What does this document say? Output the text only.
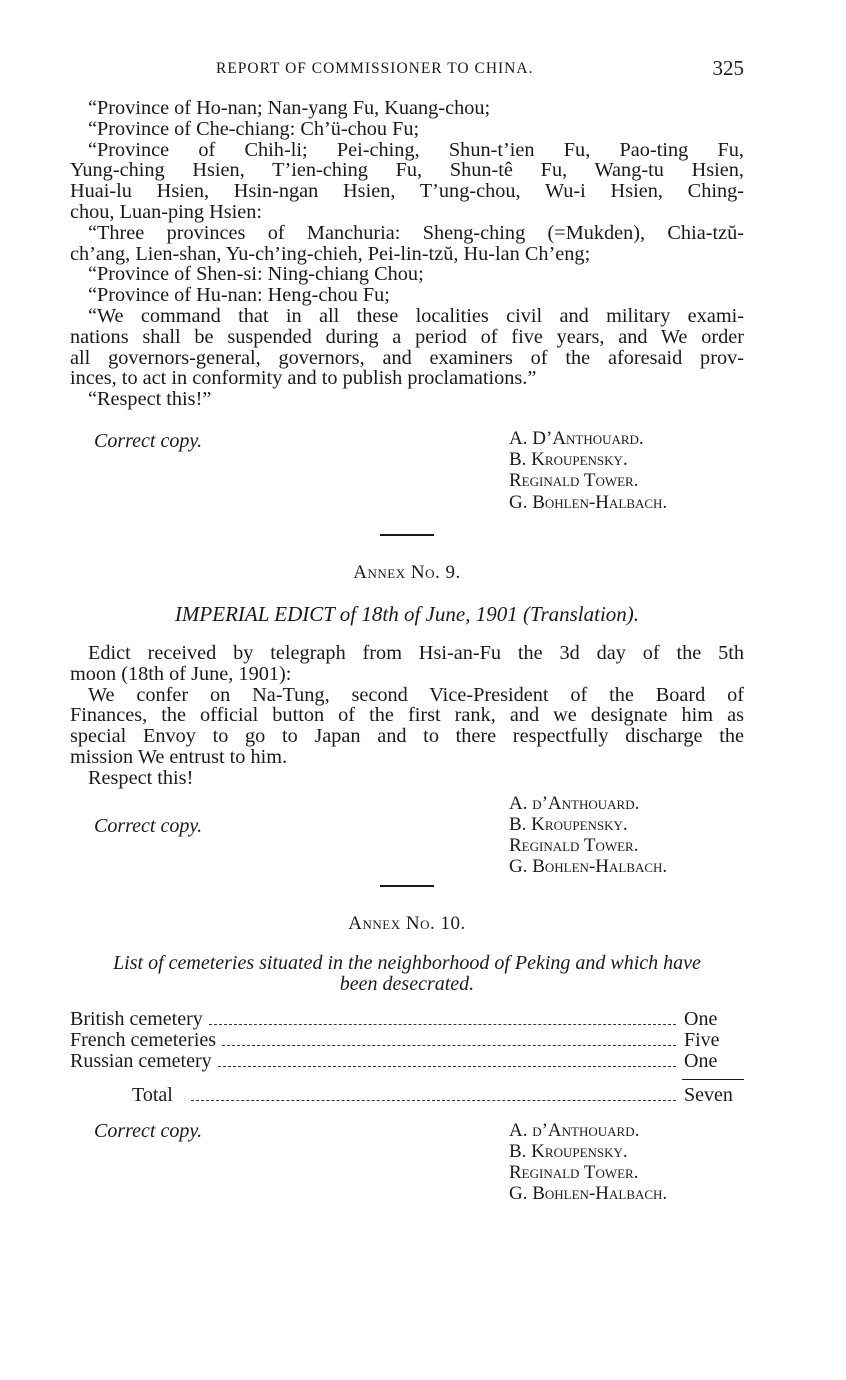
REPORT OF COMMISSIONER TO CHINA.	325
“Province of Ho-nan; Nan-yang Fu, Kuang-chou;
“Province of Che-chiang: Ch’ü-chou Fu;
“Province of Chih-li; Pei-ching, Shun-t’ien Fu, Pao-ting Fu,
Yung-ching Hsien, T’ien-ching Fu, Shun-tê Fu, Wang-tu Hsien,
Huai-lu Hsien, Hsin-ngan Hsien, T’ung-chou, Wu-i Hsien, Ching-
chou, Luan-ping Hsien:
“Three provinces of Manchuria: Sheng-ching (=Mukden), Chia-tzŭ-
ch’ang, Lien-shan, Yu-ch’ing-chieh, Pei-lin-tzŭ, Hu-lan Ch’eng;
“Province of Shen-si: Ning-chiang Chou;
“Province of Hu-nan: Heng-chou Fu;
“We command that in all these localities civil and military exami-
nations shall be suspended during a period of five years, and We order
all governors-general, governors, and examiners of the aforesaid prov-
inces, to act in conformity and to publish proclamations.”
“Respect this!”
Correct copy.	A. D’Anthouard.
B. Kroupensky.
Reginald Tower.
G. Bohlen-Halbach.
Annex No. 9.
IMPERIAL EDICT of 18th of June, 1901 (Translation).
Edict received by telegraph from Hsi-an-Fu the 3d day of the 5th
moon (18th of June, 1901):
We confer on Na-Tung, second Vice-President of the Board of
Finances, the official button of the first rank, and we designate him as
special Envoy to go to Japan and to there respectfully discharge the
mission We entrust to him.
Respect this!
Correct copy.
A. d’Anthouard.
B. Kroupensky.
Reginald Tower.
G. Bohlen-Halbach.
Annex No. 10.
List of cemeteries situated in the neighborhood of Peking and which have
been desecrated.
British cemetery	One
French cemeteries	Five
Russian cemetery	One
Total	Seven
Correct copy.	A. d’Anthouard.
B. Kroupensky.
Reginald Tower.
G. Bohlen-Halbach.
